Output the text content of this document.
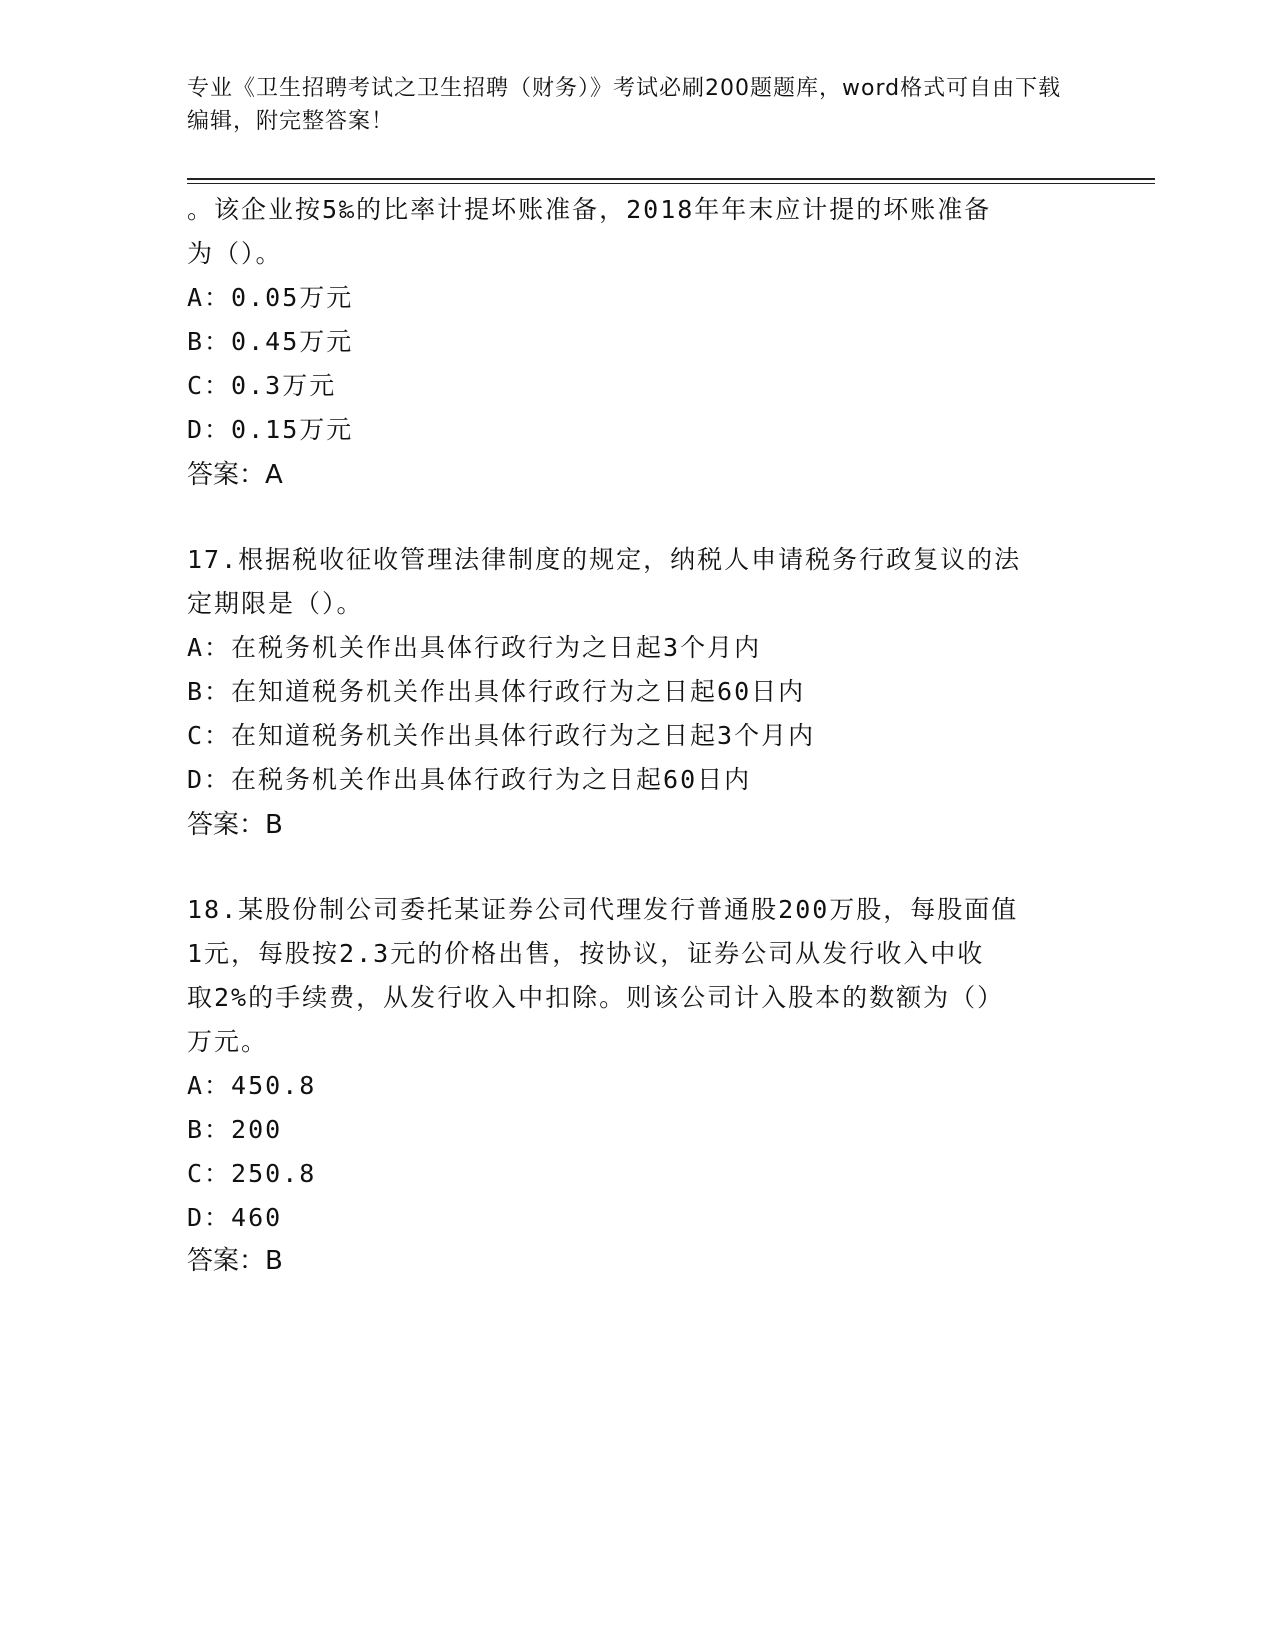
专业《卫生招聘考试之卫生招聘（财务）》考试必刷200题题库，word格式可自由下载编辑，附完整答案！
。该企业按5‰的比率计提坏账准备，2018年年末应计提的坏账准备
为（）。
A：0.05万元
B：0.45万元
C：0.3万元
D：0.15万元
答案：A
17.根据税收征收管理法律制度的规定，纳税人申请税务行政复议的法
定期限是（）。
A：在税务机关作出具体行政行为之日起3个月内
B：在知道税务机关作出具体行政行为之日起60日内
C：在知道税务机关作出具体行政行为之日起3个月内
D：在税务机关作出具体行政行为之日起60日内
答案：B
18.某股份制公司委托某证券公司代理发行普通股200万股，每股面值
1元，每股按2.3元的价格出售，按协议，证券公司从发行收入中收
取2%的手续费，从发行收入中扣除。则该公司计入股本的数额为（）
万元。
A：450.8
B：200
C：250.8
D：460
答案：B
